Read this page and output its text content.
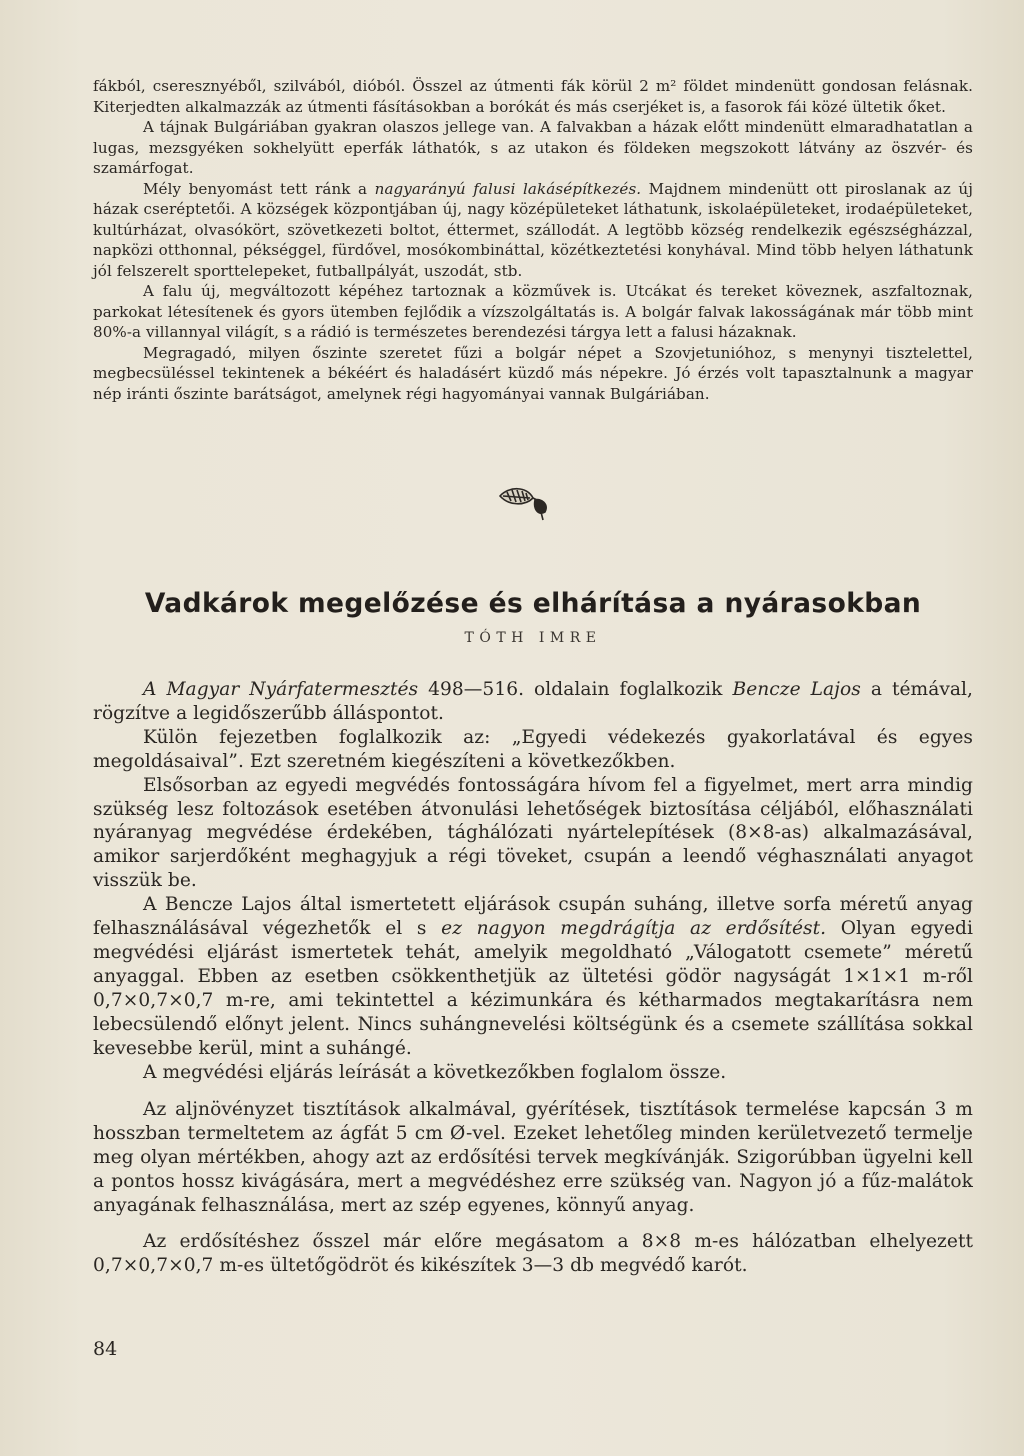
fákból, cseresznyéből, szilvából, dióból. Összel az útmenti fák körül 2 m² földet mindenütt gondosan felásnak. Kiterjedten alkalmazzák az útmenti fásításokban a borókát és más cserjéket is, a fasorok fái közé ültetik őket.

A tájnak Bulgáriában gyakran olaszos jellege van. A falvakban a házak előtt mindenütt elmaradhatatlan a lugas, mezsgyéken sokhelyütt eperfák láthatók, s az utakon és földeken megszokott látvány az öszvér- és szamárfogat.

Mély benyomást tett ránk a nagyarányú falusi lakásépítkezés. Majdnem mindenütt ott piroslanak az új házak cseréptetői. A községek központjában új, nagy középületeket láthatunk, iskolaépületeket, irodaépületeket, kultúrházat, olvasókört, szövetkezeti boltot, éttermet, szállodát. A legtöbb község rendelkezik egészségházzal, napközi otthonnal, pékséggel, fürdővel, mosókombináttal, közétkeztetési konyhával. Mind több helyen láthatunk jól felszerelt sporttelepeket, futballpályát, uszodát, stb.

A falu új, megváltozott képéhez tartoznak a közművek is. Utcákat és tereket köveznek, aszfaltoznak, parkokat létesítenek és gyors ütemben fejlődik a vízszolgáltatás is. A bolgár falvak lakosságának már több mint 80%-a villannyal világít, s a rádió is természetes berendezési tárgya lett a falusi házaknak.

Megragadó, milyen őszinte szeretet fűzi a bolgár népet a Szovjetunióhoz, s menynyi tisztelettel, megbecsüléssel tekintenek a békéért és haladásért küzdő más népekre. Jó érzés volt tapasztalnunk a magyar nép iránti őszinte barátságot, amelynek régi hagyományai vannak Bulgáriában.

Vadkárok megelőzése és elhárítása a nyárasokban
TÓTH IMRE

A Magyar Nyárfatermesztés 498—516. oldalain foglalkozik Bencze Lajos a témával, rögzítve a legidőszerűbb álláspontot.

Külön fejezetben foglalkozik az: „Egyedi védekezés gyakorlatával és egyes megoldásaival”. Ezt szeretném kiegészíteni a következőkben.

Elsősorban az egyedi megvédés fontosságára hívom fel a figyelmet, mert arra mindig szükség lesz foltozások esetében átvonulási lehetőségek biztosítása céljából, előhasználati nyáranyag megvédése érdekében, tághálózati nyártelepítések (8×8-as) alkalmazásával, amikor sarjerdőként meghagyjuk a régi töveket, csupán a leendő véghasználati anyagot visszük be.

A Bencze Lajos által ismertetett eljárások csupán suháng, illetve sorfa méretű anyag felhasználásával végezhetők el s ez nagyon megdrágítja az erdősítést. Olyan egyedi megvédési eljárást ismertetek tehát, amelyik megoldható „Válogatott csemete” méretű anyaggal. Ebben az esetben csökkenthetjük az ültetési gödör nagyságát 1×1×1 m-ről 0,7×0,7×0,7 m-re, ami tekintettel a kézimunkára és kétharmados megtakarításra nem lebecsülendő előnyt jelent. Nincs suhángnevelési költségünk és a csemete szállítása sokkal kevesebbe kerül, mint a suhángé.

A megvédési eljárás leírását a következőkben foglalom össze.

Az aljnövényzet tisztítások alkalmával, gyérítések, tisztítások termelése kapcsán 3 m hosszban termeltetem az ágfát 5 cm Ø-vel. Ezeket lehetőleg minden kerületvezető termelje meg olyan mértékben, ahogy azt az erdősítési tervek megkívánják. Szigorúbban ügyelni kell a pontos hossz kivágására, mert a megvédéshez erre szükség van. Nagyon jó a fűz-malátok anyagának felhasználása, mert az szép egyenes, könnyű anyag.

Az erdősítéshez ősszel már előre megásatom a 8×8 m-es hálózatban elhelyezett 0,7×0,7×0,7 m-es ültetőgödröt és kikészítek 3—3 db megvédő karót.

84
